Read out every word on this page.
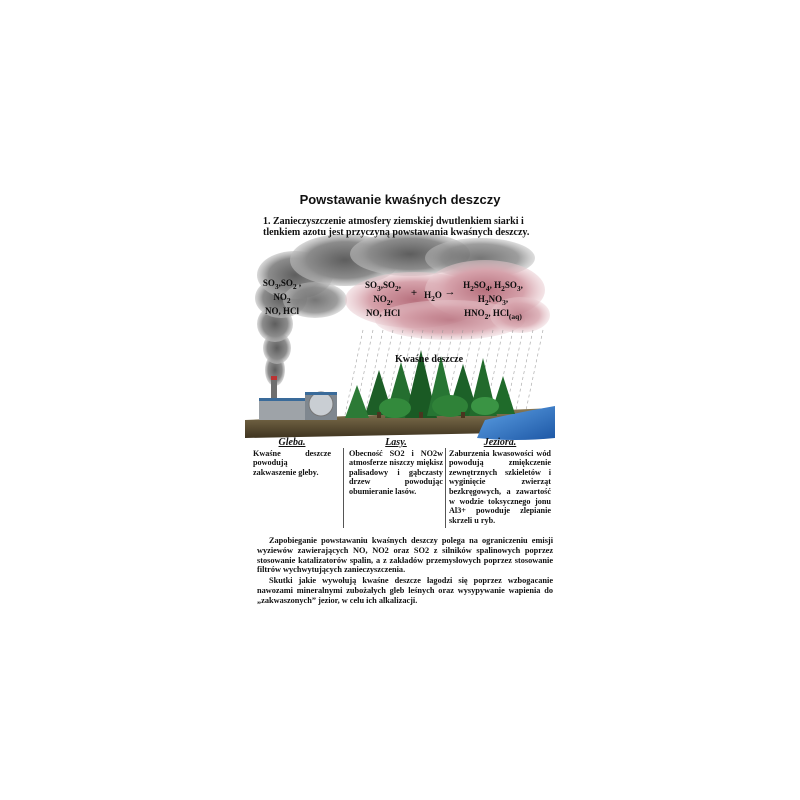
Powstawanie kwaśnych deszczy
1. Zanieczyszczenie atmosfery ziemskiej dwutlenkiem siarki i tlenkiem azotu jest przyczyną powstawania kwaśnych deszczy.
$SO_3,SO_2$ ,
$NO_2$
NO, HCl
$SO_3,SO_2$,
$NO_2$,
NO, HCl
+ $H_2O$ →
$H_2SO_4$, $H_2SO_3$,
$H_2NO_3$,
$HNO_2$, HCl$_{(aq)}$
Kwaśne deszcze
Gleba.

Kwaśne deszcze powodują zakwaszenie gleby.

Lasy.

Obecność SO2 i NO2w atmosferze niszczy miękisz palisadowy i gąbczasty drzew powodując obumieranie lasów.

Jeziora.

Zaburzenia kwasowości wód powodują zmiękczenie zewnętrznych szkieletów i wyginięcie zwierząt bezkręgowych, a zawartość w wodzie toksycznego jonu Al3+ powoduje zlepianie skrzeli u ryb.

Zapobieganie powstawaniu kwaśnych deszczy polega na ograniczeniu emisji wyziewów zawierających NO, NO2 oraz SO2 z silników spalinowych poprzez stosowanie katalizatorów spalin, a z zakładów przemysłowych poprzez stosowanie filtrów wychwytujących zanieczyszczenia.

Skutki jakie wywołują kwaśne deszcze łagodzi się poprzez wzbogacanie nawozami mineralnymi zubożałych gleb leśnych oraz wysypywanie wapienia do „zakwaszonych” jezior, w celu ich alkalizacji.
